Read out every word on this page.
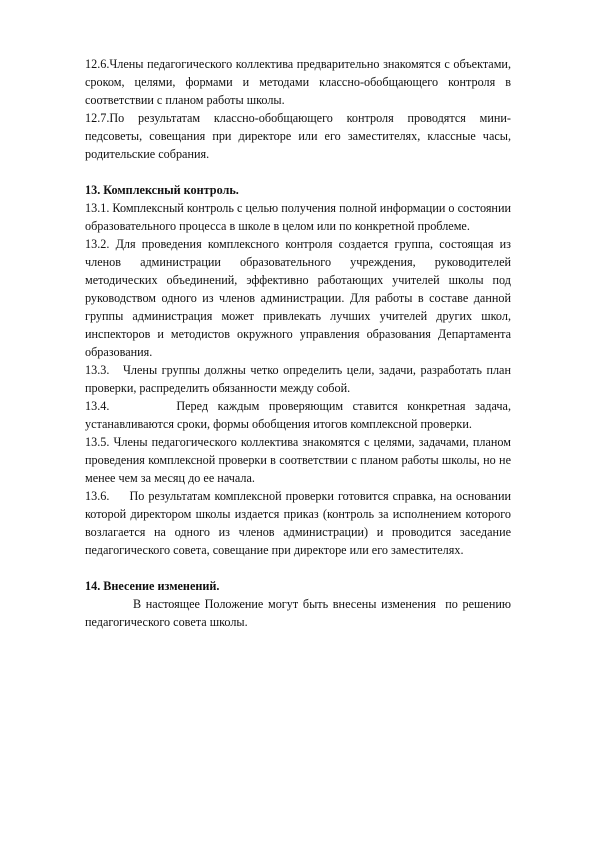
12.6.Члены педагогического коллектива предварительно знакомятся с объектами, сроком, целями, формами и методами классно-обобщающего контроля в соответствии с планом работы школы.

12.7.По результатам классно-обобщающего контроля проводятся мини-педсоветы, совещания при директоре или его заместителях, классные часы, родительские собрания.

13. Комплексный контроль.

13.1. Комплексный контроль с целью получения полной информации о состоянии образовательного процесса в школе в целом или по конкретной проблеме.

13.2. Для проведения комплексного контроля создается группа, состоящая из членов администрации образовательного учреждения, руководителей методических объединений, эффективно работающих учителей школы под руководством одного из членов администрации. Для работы в составе данной группы администрация может привлекать лучших учителей других школ, инспекторов и методистов окружного управления образования Департамента образования.

13.3.   Члены группы должны четко определить цели, задачи, разработать план проверки, распределить обязанности между собой.

13.4.       Перед каждым проверяющим ставится конкретная задача, устанавливаются сроки, формы обобщения итогов комплексной проверки.

13.5. Члены педагогического коллектива знакомятся с целями, задачами, планом проведения комплексной проверки в соответствии с планом работы школы, но не менее чем за месяц до ее начала.

13.6.     По результатам комплексной проверки готовится справка, на основании которой директором школы издается приказ (контроль за исполнением которого возлагается на одного из членов администрации) и проводится заседание педагогического совета, совещание при директоре или его заместителях.

14. Внесение изменений.

В настоящее Положение могут быть внесены изменения  по решению педагогического совета школы.
